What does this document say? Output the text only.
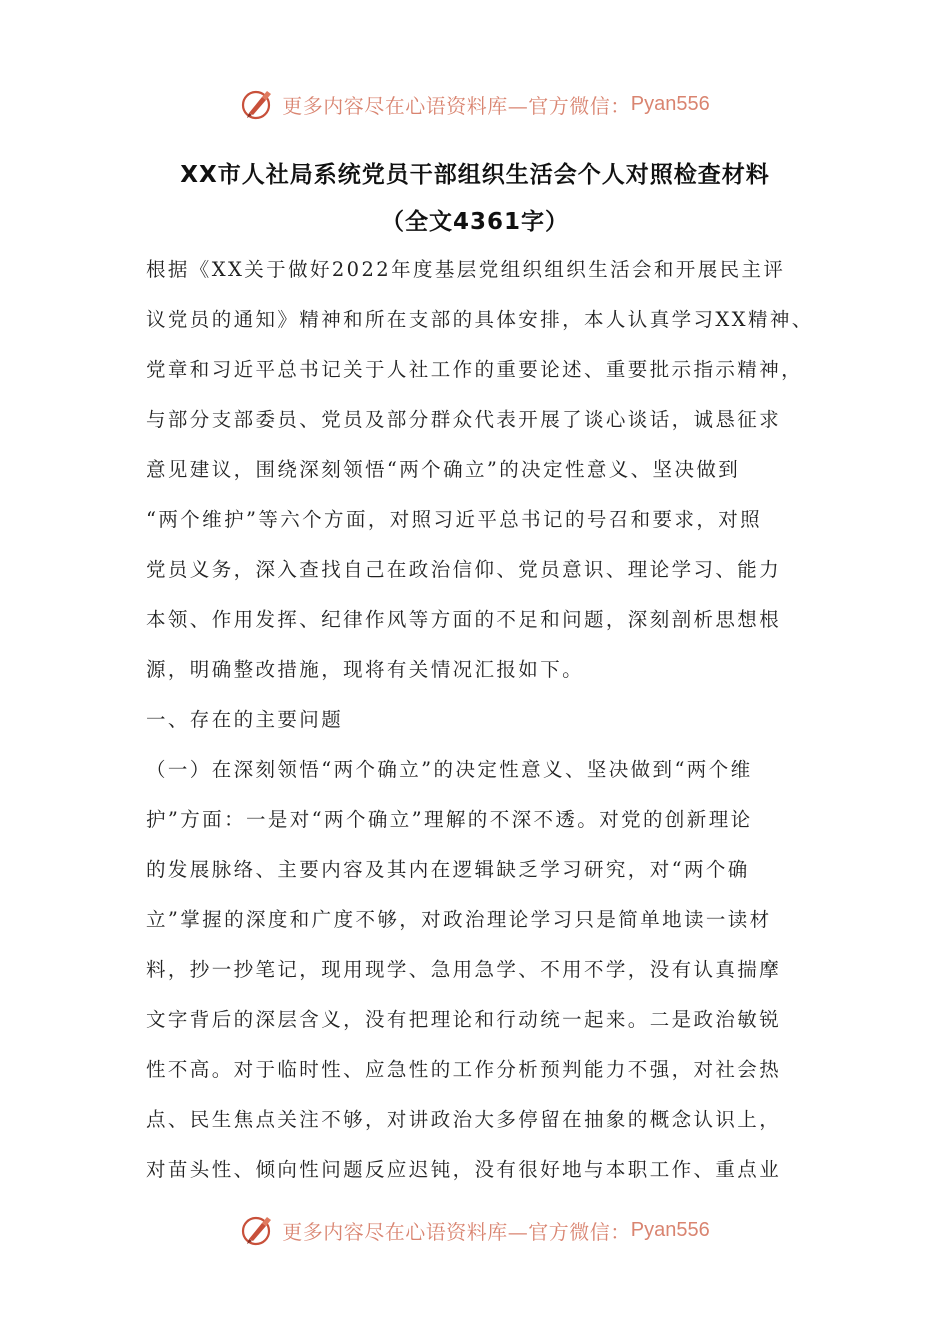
更多内容尽在心语资料库—官方微信： Pyan556
XX市人社局系统党员干部组织生活会个人对照检查材料
（全文4361字）
根据《XX关于做好2022年度基层党组织组织生活会和开展民主评
议党员的通知》精神和所在支部的具体安排，本人认真学习XX精神、
党章和习近平总书记关于人社工作的重要论述、重要批示指示精神，
与部分支部委员、党员及部分群众代表开展了谈心谈话，诚恳征求
意见建议，围绕深刻领悟“两个确立”的决定性意义、坚决做到
“两个维护”等六个方面，对照习近平总书记的号召和要求，对照
党员义务，深入查找自己在政治信仰、党员意识、理论学习、能力
本领、作用发挥、纪律作风等方面的不足和问题，深刻剖析思想根
源，明确整改措施，现将有关情况汇报如下。
一、存在的主要问题
（一）在深刻领悟“两个确立”的决定性意义、坚决做到“两个维
护”方面：一是对“两个确立”理解的不深不透。对党的创新理论
的发展脉络、主要内容及其内在逻辑缺乏学习研究，对“两个确
立”掌握的深度和广度不够，对政治理论学习只是简单地读一读材
料，抄一抄笔记，现用现学、急用急学、不用不学，没有认真揣摩
文字背后的深层含义，没有把理论和行动统一起来。二是政治敏锐
性不高。对于临时性、应急性的工作分析预判能力不强，对社会热
点、民生焦点关注不够，对讲政治大多停留在抽象的概念认识上，
对苗头性、倾向性问题反应迟钝，没有很好地与本职工作、重点业
更多内容尽在心语资料库—官方微信： Pyan556
